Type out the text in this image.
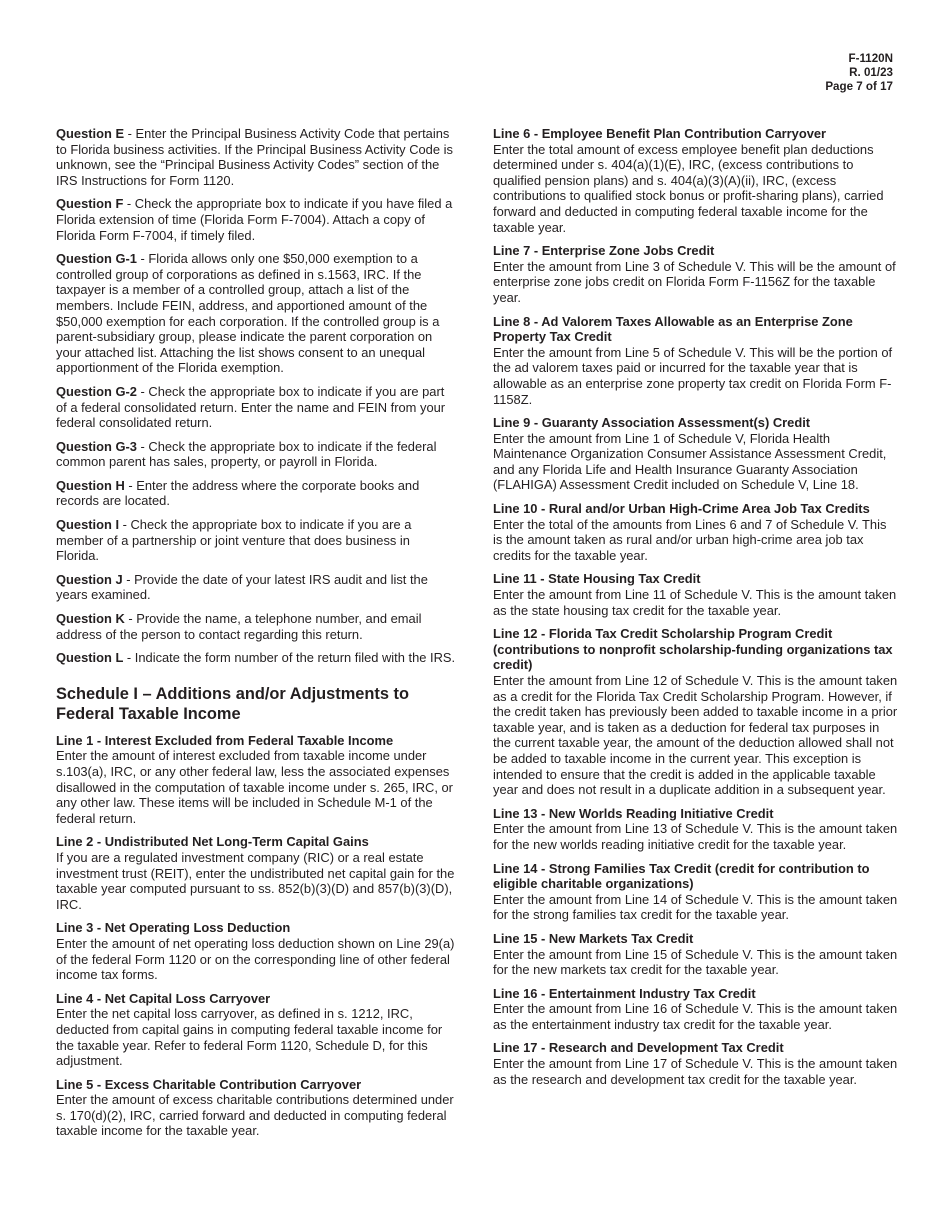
F-1120N
R. 01/23
Page 7 of 17

Question E - Enter the Principal Business Activity Code that pertains to Florida business activities. If the Principal Business Activity Code is unknown, see the “Principal Business Activity Codes” section of the IRS Instructions for Form 1120.

Question F - Check the appropriate box to indicate if you have filed a Florida extension of time (Florida Form F-7004). Attach a copy of Florida Form F-7004, if timely filed.

Question G-1 - Florida allows only one $50,000 exemption to a controlled group of corporations as defined in s.1563, IRC. If the taxpayer is a member of a controlled group, attach a list of the members. Include FEIN, address, and apportioned amount of the $50,000 exemption for each corporation. If the controlled group is a parent-subsidiary group, please indicate the parent corporation on your attached list. Attaching the list shows consent to an unequal apportionment of the Florida exemption.

Question G-2 - Check the appropriate box to indicate if you are part of a federal consolidated return. Enter the name and FEIN from your federal consolidated return.

Question G-3 - Check the appropriate box to indicate if the federal common parent has sales, property, or payroll in Florida.

Question H - Enter the address where the corporate books and records are located.

Question I - Check the appropriate box to indicate if you are a member of a partnership or joint venture that does business in Florida.

Question J - Provide the date of your latest IRS audit and list the years examined.

Question K - Provide the name, a telephone number, and email address of the person to contact regarding this return.

Question L - Indicate the form number of the return filed with the IRS.

Schedule I – Additions and/or Adjustments to Federal Taxable Income
Line 1 - Interest Excluded from Federal Taxable Income
Enter the amount of interest excluded from taxable income under s.103(a), IRC, or any other federal law, less the associated expenses disallowed in the computation of taxable income under s. 265, IRC, or any other law. These items will be included in Schedule M-1 of the federal return.
Line 2 - Undistributed Net Long-Term Capital Gains
If you are a regulated investment company (RIC) or a real estate investment trust (REIT), enter the undistributed net capital gain for the taxable year computed pursuant to ss. 852(b)(3)(D) and 857(b)(3)(D), IRC.
Line 3 - Net Operating Loss Deduction
Enter the amount of net operating loss deduction shown on Line 29(a) of the federal Form 1120 or on the corresponding line of other federal income tax forms.
Line 4 - Net Capital Loss Carryover
Enter the net capital loss carryover, as defined in s. 1212, IRC, deducted from capital gains in computing federal taxable income for the taxable year. Refer to federal Form 1120, Schedule D, for this adjustment.
Line 5 - Excess Charitable Contribution Carryover
Enter the amount of excess charitable contributions determined under s. 170(d)(2), IRC, carried forward and deducted in computing federal taxable income for the taxable year.
Line 6 - Employee Benefit Plan Contribution Carryover
Enter the total amount of excess employee benefit plan deductions determined under s. 404(a)(1)(E), IRC, (excess contributions to qualified pension plans) and s. 404(a)(3)(A)(ii), IRC, (excess contributions to qualified stock bonus or profit-sharing plans), carried forward and deducted in computing federal taxable income for the taxable year.
Line 7 - Enterprise Zone Jobs Credit
Enter the amount from Line 3 of Schedule V. This will be the amount of enterprise zone jobs credit on Florida Form F-1156Z for the taxable year.
Line 8 - Ad Valorem Taxes Allowable as an Enterprise Zone Property Tax Credit
Enter the amount from Line 5 of Schedule V. This will be the portion of the ad valorem taxes paid or incurred for the taxable year that is allowable as an enterprise zone property tax credit on Florida Form F-1158Z.
Line 9 - Guaranty Association Assessment(s) Credit
Enter the amount from Line 1 of Schedule V, Florida Health Maintenance Organization Consumer Assistance Assessment Credit, and any Florida Life and Health Insurance Guaranty Association (FLAHIGA) Assessment Credit included on Schedule V, Line 18.
Line 10 - Rural and/or Urban High-Crime Area Job Tax Credits
Enter the total of the amounts from Lines 6 and 7 of Schedule V. This is the amount taken as rural and/or urban high-crime area job tax credits for the taxable year.
Line 11 - State Housing Tax Credit
Enter the amount from Line 11 of Schedule V. This is the amount taken as the state housing tax credit for the taxable year.
Line 12 - Florida Tax Credit Scholarship Program Credit (contributions to nonprofit scholarship-funding organizations tax credit)
Enter the amount from Line 12 of Schedule V. This is the amount taken as a credit for the Florida Tax Credit Scholarship Program. However, if the credit taken has previously been added to taxable income in a prior taxable year, and is taken as a deduction for federal tax purposes in the current taxable year, the amount of the deduction allowed shall not be added to taxable income in the current year. This exception is intended to ensure that the credit is added in the applicable taxable year and does not result in a duplicate addition in a subsequent year.
Line 13 - New Worlds Reading Initiative Credit
Enter the amount from Line 13 of Schedule V. This is the amount taken for the new worlds reading initiative credit for the taxable year.
Line 14 - Strong Families Tax Credit (credit for contribution to eligible charitable organizations)
Enter the amount from Line 14 of Schedule V. This is the amount taken for the strong families tax credit for the taxable year.
Line 15 - New Markets Tax Credit
Enter the amount from Line 15 of Schedule V. This is the amount taken for the new markets tax credit for the taxable year.
Line 16 - Entertainment Industry Tax Credit
Enter the amount from Line 16 of Schedule V. This is the amount taken as the entertainment industry tax credit for the taxable year.
Line 17 - Research and Development Tax Credit
Enter the amount from Line 17 of Schedule V. This is the amount taken as the research and development tax credit for the taxable year.
